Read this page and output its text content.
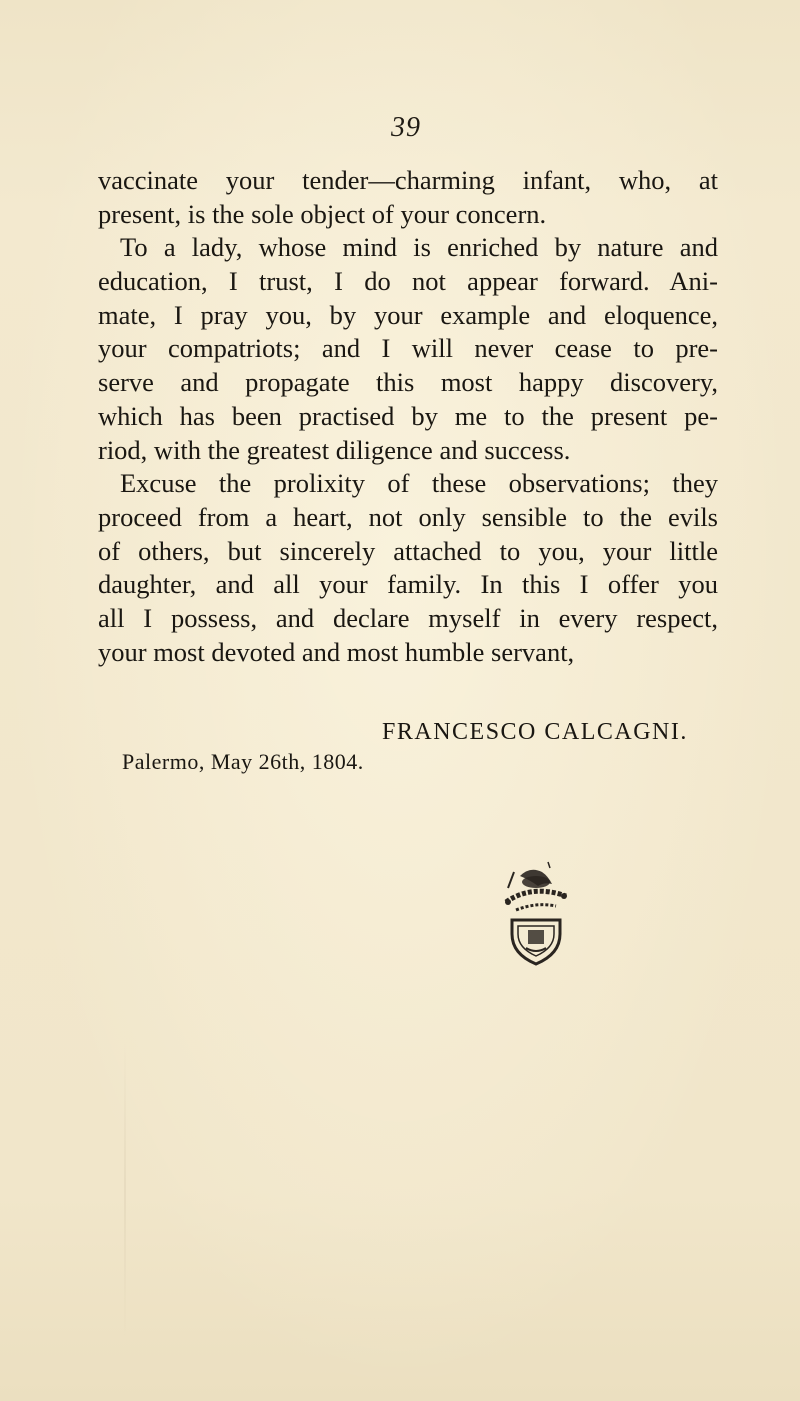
39
vaccinate your tender—charming infant, who, at
present, is the sole object of your concern.
To a lady, whose mind is enriched by nature and
education, I trust, I do not appear forward. Ani-
mate, I pray you, by your example and eloquence,
your compatriots; and I will never cease to pre-
serve and propagate this most happy discovery,
which has been practised by me to the present pe-
riod, with the greatest diligence and success.
Excuse the prolixity of these observations; they
proceed from a heart, not only sensible to the evils
of others, but sincerely attached to you, your little
daughter, and all your family. In this I offer you
all I possess, and declare myself in every respect,
your most devoted and most humble servant,
FRANCESCO CALCAGNI.
Palermo, May 26th, 1804.
